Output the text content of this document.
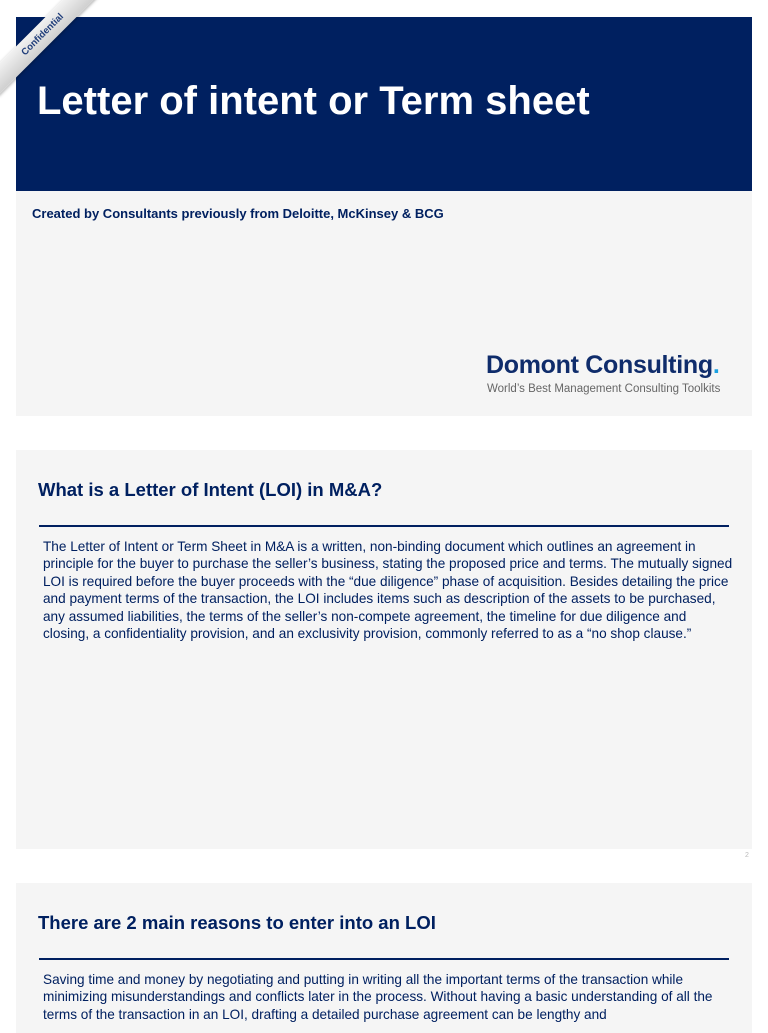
Letter of intent or Term sheet
Created by Consultants previously from Deloitte, McKinsey & BCG
Domont Consulting.
World’s Best Management Consulting Toolkits
Confidential
What is a Letter of Intent (LOI) in M&A?
The Letter of Intent or Term Sheet in M&A is a written, non-binding document which outlines an agreement in principle for the buyer to purchase the seller’s business, stating the proposed price and terms. The mutually signed LOI is required before the buyer proceeds with the “due diligence” phase of acquisition. Besides detailing the price and payment terms of the transaction, the LOI includes items such as description of the assets to be purchased, any assumed liabilities, the terms of the seller’s non-compete agreement, the timeline for due diligence and closing, a confidentiality provision, and an exclusivity provision, commonly referred to as a “no shop clause.”
2
There are 2 main reasons to enter into an LOI
Saving time and money by negotiating and putting in writing all the important terms of the transaction while minimizing misunderstandings and conflicts later in the process. Without having a basic understanding of all the terms of the transaction in an LOI, drafting a detailed purchase agreement can be lengthy and
